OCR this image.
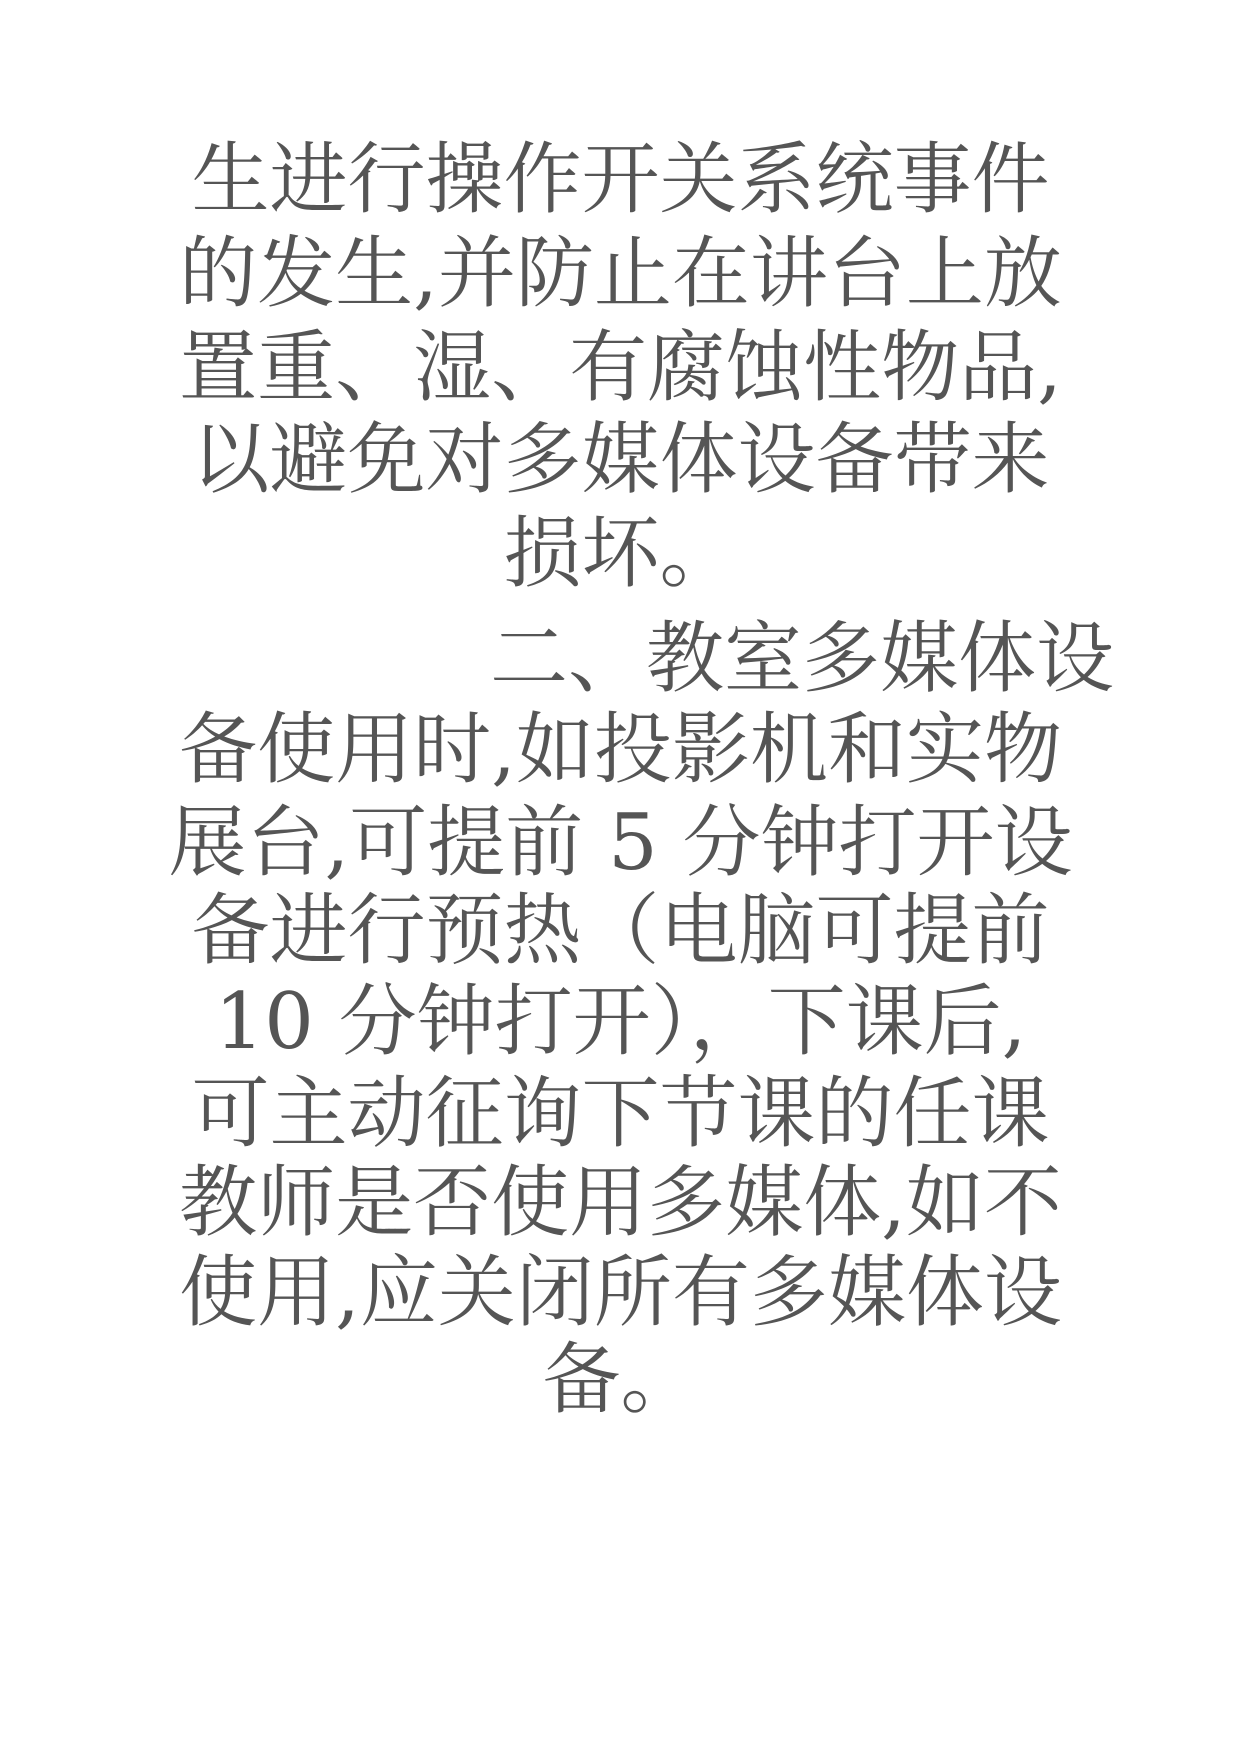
生进行操作开关系统事件
的发生,并防止在讲台上放
置重、湿、有腐蚀性物品,
以避免对多媒体设备带来
损坏。
二、教室多媒体设
备使用时,如投影机和实物
展台,可提前 5 分钟打开设
备进行预热（电脑可提前
10 分钟打开），下课后,
可主动征询下节课的任课
教师是否使用多媒体,如不
使用,应关闭所有多媒体设
备。
